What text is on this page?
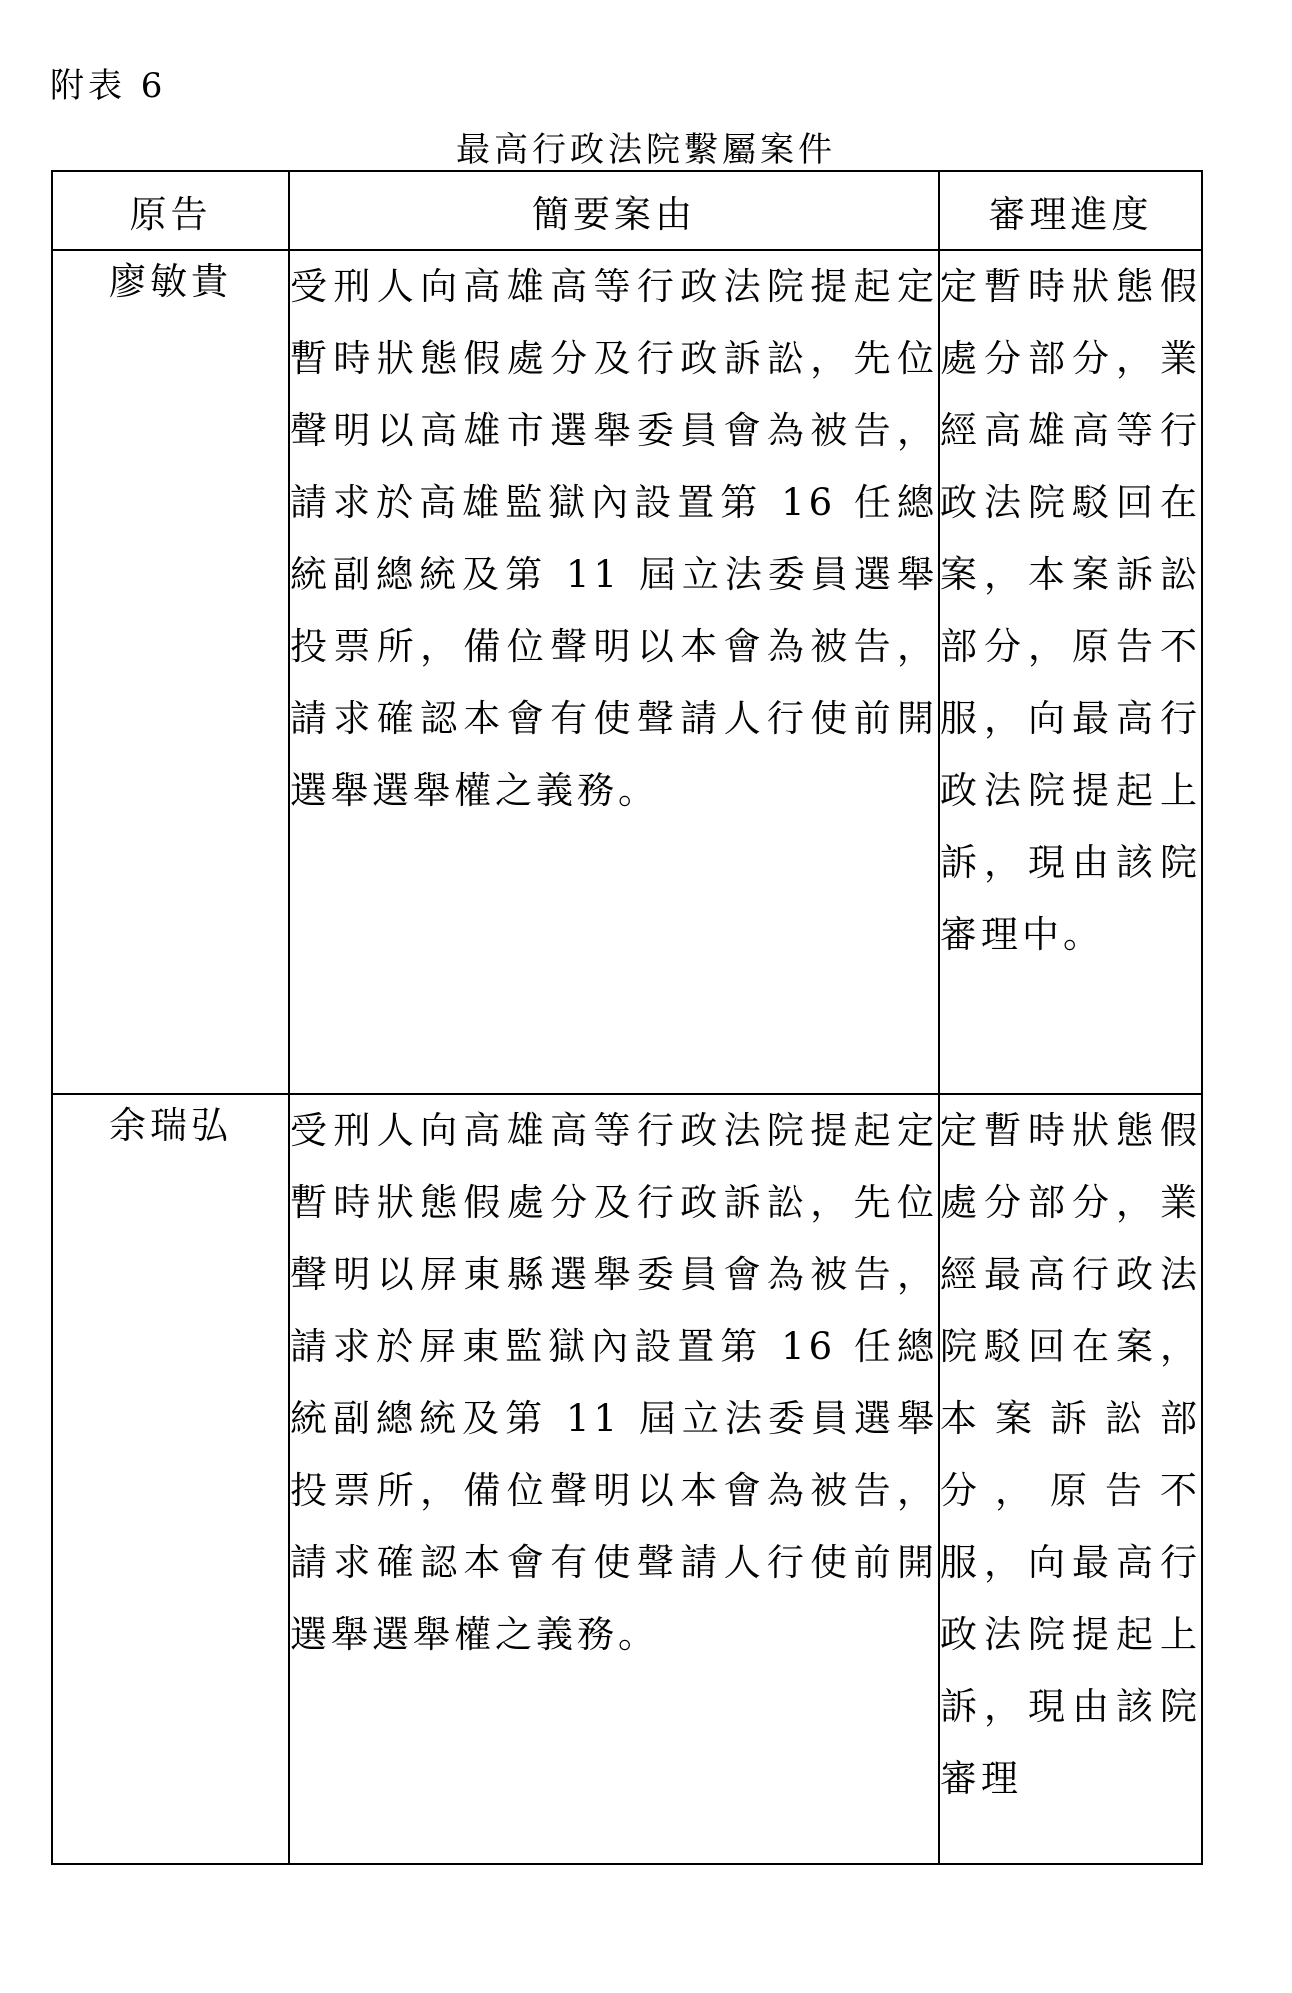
附表 6
最高行政法院繫屬案件
原告	簡要案由	審理進度

廖敏貴	受刑人向高雄高等行政法院提起定暫時狀態假處分及行政訴訟，先位聲明以高雄市選舉委員會為被告，請求於高雄監獄內設置第 16 任總統副總統及第 11 屆立法委員選舉投票所，備位聲明以本會為被告，請求確認本會有使聲請人行使前開選舉選舉權之義務。	定暫時狀態假處分部分，業經高雄高等行政法院駁回在案，本案訴訟部分，原告不服，向最高行政法院提起上訴，現由該院審理中。

余瑞弘	受刑人向高雄高等行政法院提起定暫時狀態假處分及行政訴訟，先位聲明以屏東縣選舉委員會為被告，請求於屏東監獄內設置第 16 任總統副總統及第 11 屆立法委員選舉投票所，備位聲明以本會為被告，請求確認本會有使聲請人行使前開選舉選舉權之義務。	定暫時狀態假處分部分，業經最高行政法院駁回在案，本案訴訟部分，原告不服，向最高行政法院提起上訴，現由該院審理
